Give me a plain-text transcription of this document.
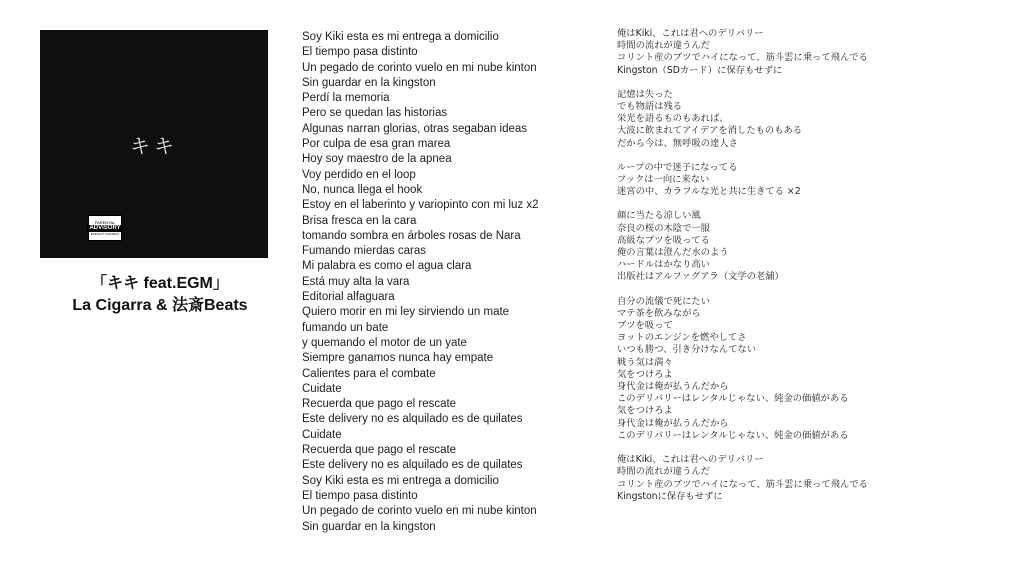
キキ
PARENTAL
ADVISORY
EXPLICIT CONTENT
「キキ feat.EGM」
La Cigarra & 法斎Beats
Soy Kiki esta es mi entrega a domicilio
El tiempo pasa distinto
Un pegado de corinto vuelo en mi nube kinton
Sin guardar en la kingston
Perdí la memoria
Pero se quedan las historias
Algunas narran glorias, otras segaban ideas
Por culpa de esa gran marea
Hoy soy maestro de la apnea
Voy perdido en el loop
No, nunca llega el hook
Estoy en el laberinto y variopinto con mi luz x2
Brisa fresca en la cara
tomando sombra en árboles rosas de Nara
Fumando mierdas caras
Mi palabra es como el agua clara
Está muy alta la vara
Editorial alfaguara
Quiero morir en mi ley sirviendo un mate
fumando un bate
y quemando el motor de un yate
Siempre ganamos nunca hay empate
Calientes para el combate
Cuidate
Recuerda que pago el rescate
Este delivery no es alquilado es de quilates
Cuidate
Recuerda que pago el rescate
Este delivery no es alquilado es de quilates
Soy Kiki esta es mi entrega a domicilio
El tiempo pasa distinto
Un pegado de corinto vuelo en mi nube kinton
Sin guardar en la kingston
俺はKiki、これは君へのデリバリー
時間の流れが違うんだ
コリント産のブツでハイになって、筋斗雲に乗って飛んでる
Kingston（SDカード）に保存もせずに
記憶は失った
でも物語は残る
栄光を語るものもあれば、
大波に飲まれてアイデアを消したものもある
だから今は、無呼吸の達人さ
ループの中で迷子になってる
フックは一向に来ない
迷宮の中、カラフルな光と共に生きてる ×2
顔に当たる涼しい風
奈良の桜の木陰で一服
高級なブツを吸ってる
俺の言葉は澄んだ水のよう
ハードルはかなり高い
出版社はアルファグアラ（文学の老舗）
自分の流儀で死にたい
マテ茶を飲みながら
ブツを吸って
ヨットのエンジンを燃やしてさ
いつも勝つ、引き分けなんてない
戦う気は満々
気をつけろよ
身代金は俺が払うんだから
このデリバリーはレンタルじゃない、純金の価値がある
気をつけろよ
身代金は俺が払うんだから
このデリバリーはレンタルじゃない、純金の価値がある
俺はKiki、これは君へのデリバリー
時間の流れが違うんだ
コリント産のブツでハイになって、筋斗雲に乗って飛んでる
Kingstonに保存もせずに
